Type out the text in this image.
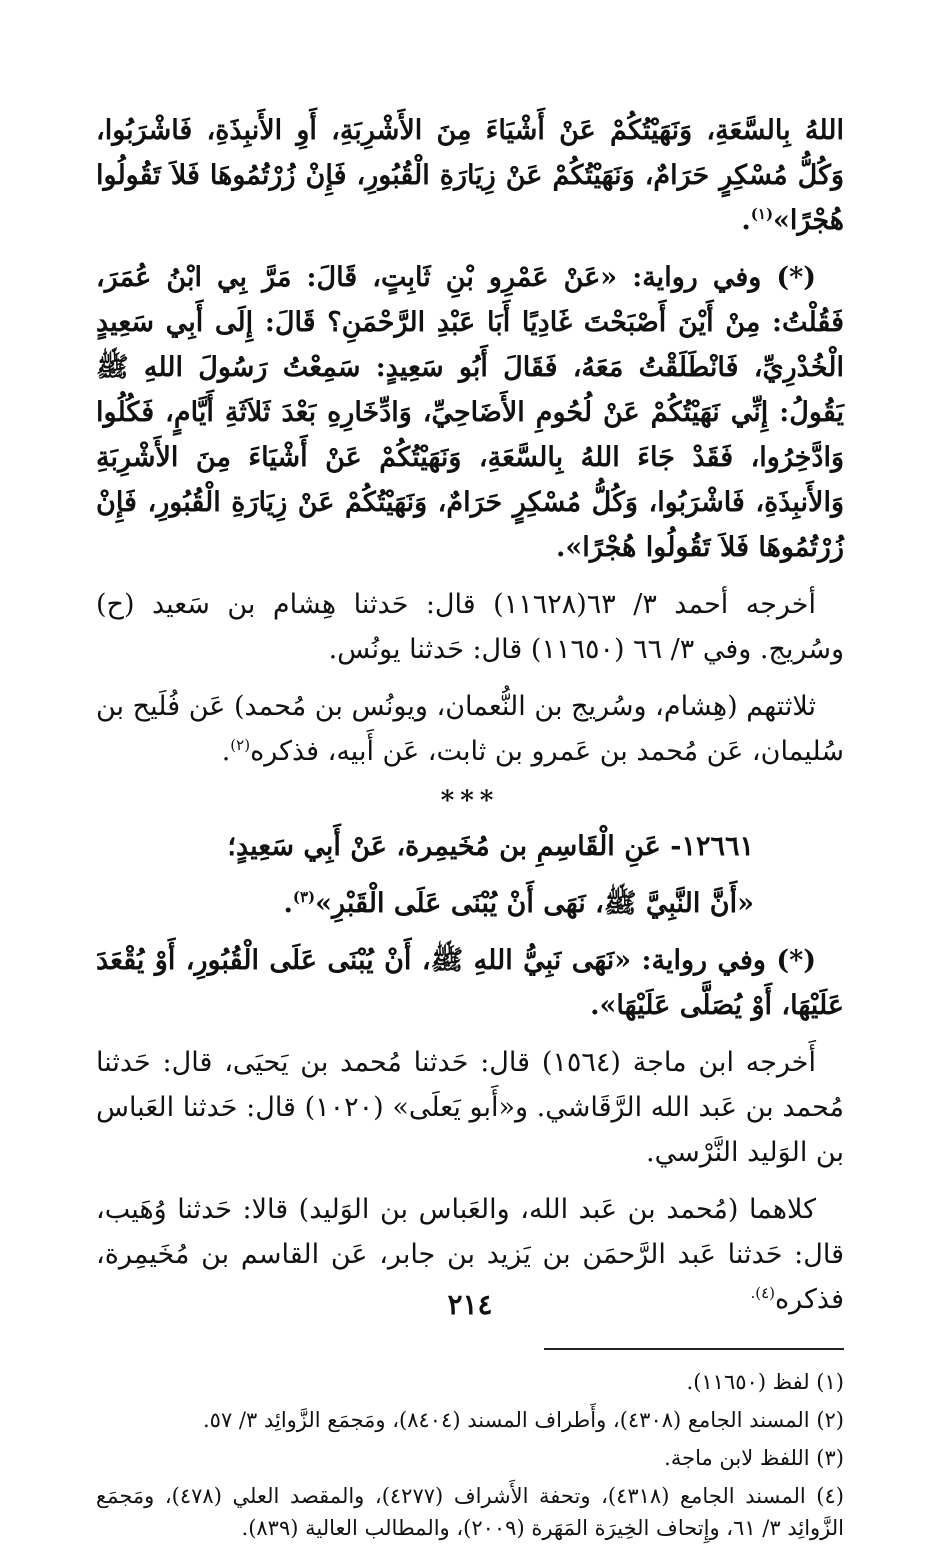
اللهُ بِالسَّعَةِ، وَنَهَيْتُكُمْ عَنْ أَشْيَاءَ مِنَ الأَشْرِبَةِ، أَوِ الأَنبِذَةِ، فَاشْرَبُوا، وَكُلُّ مُسْكِرٍ حَرَامٌ، وَنَهَيْتُكُمْ عَنْ زِيَارَةِ الْقُبُورِ، فَإِنْ زُرْتُمُوهَا فَلاَ تَقُولُوا هُجْرًا»$^{(١)}$.

(*) وفي رواية: «عَنْ عَمْرِو بْنِ ثَابِتٍ، قَالَ: مَرَّ بِي ابْنُ عُمَرَ، فَقُلْتُ: مِنْ أَيْنَ أَصْبَحْتَ غَادِيًا أَبَا عَبْدِ الرَّحْمَنِ؟ قَالَ: إِلَى أَبِي سَعِيدٍ الْخُدْرِيِّ، فَانْطَلَقْتُ مَعَهُ، فَقَالَ أَبُو سَعِيدٍ: سَمِعْتُ رَسُولَ اللهِ ﷺ يَقُولُ: إِنِّي نَهَيْتُكُمْ عَنْ لُحُومِ الأَضَاحِيِّ، وَادِّخَارِهِ بَعْدَ ثَلاَثَةِ أَيَّامٍ، فَكُلُوا وَادَّخِرُوا، فَقَدْ جَاءَ اللهُ بِالسَّعَةِ، وَنَهَيْتُكُمْ عَنْ أَشْيَاءَ مِنَ الأَشْرِبَةِ وَالأَنبِذَةِ، فَاشْرَبُوا، وَكُلُّ مُسْكِرٍ حَرَامٌ، وَنَهَيْتُكُمْ عَنْ زِيَارَةِ الْقُبُورِ، فَإِنْ زُرْتُمُوهَا فَلاَ تَقُولُوا هُجْرًا».

أخرجه أحمد ٣/ ٦٣(١١٦٢٨) قال: حَدثنا هِشام بن سَعيد (ح) وسُريج. وفي ٣/ ٦٦ (١١٦٥٠) قال: حَدثنا يونُس.

ثلاثتهم (هِشام، وسُريج بن النُّعمان، ويونُس بن مُحمد) عَن فُلَيح بن سُليمان، عَن مُحمد بن عَمرو بن ثابت، عَن أَبيه، فذكره$^{(٢)}$.

***

١٢٦٦١- عَنِ الْقَاسِمِ بن مُخَيمِرة، عَنْ أَبِي سَعِيدٍ؛

«أَنَّ النَّبِيَّ ﷺ، نَهَى أَنْ يُبْنَى عَلَى الْقَبْرِ»$^{(٣)}$.

(*) وفي رواية: «نَهَى نَبِيُّ اللهِ ﷺ، أَنْ يُبْنَى عَلَى الْقُبُورِ، أَوْ يُقْعَدَ عَلَيْهَا، أَوْ يُصَلَّى عَلَيْهَا».

أَخرجه ابن ماجة (١٥٦٤) قال: حَدثنا مُحمد بن يَحيَى، قال: حَدثنا مُحمد بن عَبد الله الرَّقَاشي. و«أَبو يَعلَى» (١٠٢٠) قال: حَدثنا العَباس بن الوَليد النَّرْسي.

كلاهما (مُحمد بن عَبد الله، والعَباس بن الوَليد) قالا: حَدثنا وُهَيب، قال: حَدثنا عَبد الرَّحمَن بن يَزيد بن جابر، عَن القاسم بن مُخَيمِرة، فذكره$^{(٤).}$

(١) لفظ (١١٦٥٠).

(٢) المسند الجامع (٤٣٠٨)، وأَطراف المسند (٨٤٠٤)، ومَجمَع الزَّوائِد ٣/ ٥٧.

(٣) اللفظ لابن ماجة.

(٤) المسند الجامع (٤٣١٨)، وتحفة الأَشراف (٤٢٧٧)، والمقصد العلي (٤٧٨)، ومَجمَع الزَّوائِد ٣/ ٦١، وإِتحاف الخِيرَة المَهَرة (٢٠٠٩)، والمطالب العالية (٨٣٩).

٢١٤
